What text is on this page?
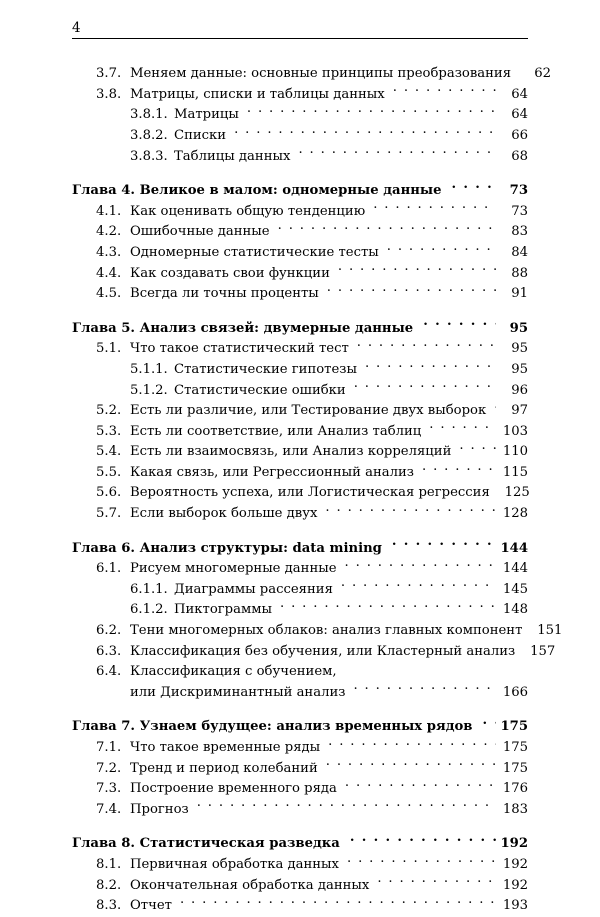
4
3.7. Меняем данные: основные принципы преобразования	62
3.8. Матрицы, списки и таблицы данных . . .	64
3.8.1. Матрицы . . .	64
3.8.2. Списки . . .	66
3.8.3. Таблицы данных . . .	68
Глава 4. Великое в малом: одномерные данные . . .	73
4.1. Как оценивать общую тенденцию . . .	73
4.2. Ошибочные данные . . .	83
4.3. Одномерные статистические тесты . . .	84
4.4. Как создавать свои функции . . .	88
4.5. Всегда ли точны проценты . . .	91
Глава 5. Анализ связей: двумерные данные . . .	95
5.1. Что такое статистический тест . . .	95
5.1.1. Статистические гипотезы . . .	95
5.1.2. Статистические ошибки . . .	96
5.2. Есть ли различие, или Тестирование двух выборок . . .	97
5.3. Есть ли соответствие, или Анализ таблиц . . .	103
5.4. Есть ли взаимосвязь, или Анализ корреляций . . .	110
5.5. Какая связь, или Регрессионный анализ . . .	115
5.6. Вероятность успеха, или Логистическая регрессия	125
5.7. Если выборок больше двух . . .	128
Глава 6. Анализ структуры: data mining . . .	144
6.1. Рисуем многомерные данные . . .	144
6.1.1. Диаграммы рассеяния . . .	145
6.1.2. Пиктограммы . . .	148
6.2. Тени многомерных облаков: анализ главных компонент	151
6.3. Классификация без обучения, или Кластерный анализ	157
6.4. Классификация с обучением,
или Дискриминантный анализ . . .	166
Глава 7. Узнаем будущее: анализ временных рядов . . .	175
7.1. Что такое временные ряды . . .	175
7.2. Тренд и период колебаний . . .	175
7.3. Построение временного ряда . . .	176
7.4. Прогноз . . .	183
Глава 8. Статистическая разведка . . .	192
8.1. Первичная обработка данных . . .	192
8.2. Окончательная обработка данных . . .	192
8.3. Отчет . . .	193
